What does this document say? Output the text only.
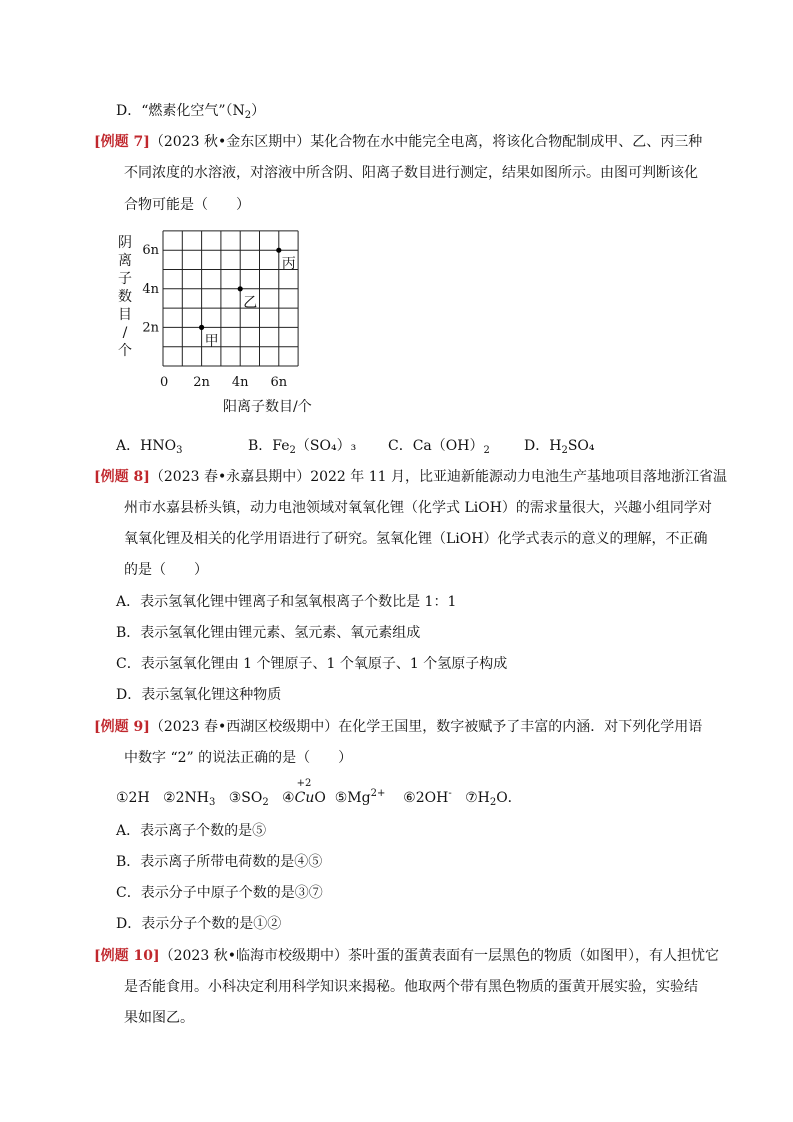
D．“燃素化空气$”(N_2)$
[例题 7]（2023 秋•金东区期中）某化合物在水中能完全电离，将该化合物配制成甲、乙、丙三种
不同浓度的水溶液，对溶液中所含阴、阳离子数目进行测定，结果如图所示。由图可判断该化
合物可能是（　　）
阴
离
子
数
目
/
个
0 2n 4n 6n
2n
4n
6n
甲
乙
丙
阳离子数目/个
A．$HNO_3$	B．$Fe_2(SO_4)_3$ C．$Ca(OH)_2$ D．$H_2SO_4$
[例题 8]（2023 春•永嘉县期中）2022 年 11 月，比亚迪新能源动力电池生产基地项目落地浙江省温
州市水嘉县桥头镇，动力电池领域对氧氧化锂（化学式 LiOH）的需求量很大，兴趣小组同学对
氧氧化锂及相关的化学用语进行了研究。氢氧化锂（LiOH）化学式表示的意义的理解，不正确
的是（　　）
A．表示氢氧化锂中锂离子和氢氧根离子个数比是 1：1
B．表示氢氧化锂由锂元素、氢元素、氧元素组成
C．表示氢氧化锂由 1 个锂原子、1 个氧原子、1 个氢原子构成
D．表示氢氧化锂这种物质
[例题 9]（2023 春•西湖区校级期中）在化学王国里，数字被赋予了丰富的内涵．对下列化学用语
中数字 “2” 的说法正确的是（　　）
①2H $②2NH_3$ $③SO_2$ ④
+2
CuO $⑤Mg^{2+}$ ⑥2OH- $⑦H_2O$．
A．表示离子个数的是⑤
B．表示离子所带电荷数的是④⑤
C．表示分子中原子个数的是③⑦
D．表示分子个数的是①②
[例题 10]（2023 秋•临海市校级期中）茶叶蛋的蛋黄表面有一层黑色的物质（如图甲），有人担忧它
是否能食用。小科决定利用科学知识来揭秘。他取两个带有黑色物质的蛋黄开展实验，实验结
果如图乙。
